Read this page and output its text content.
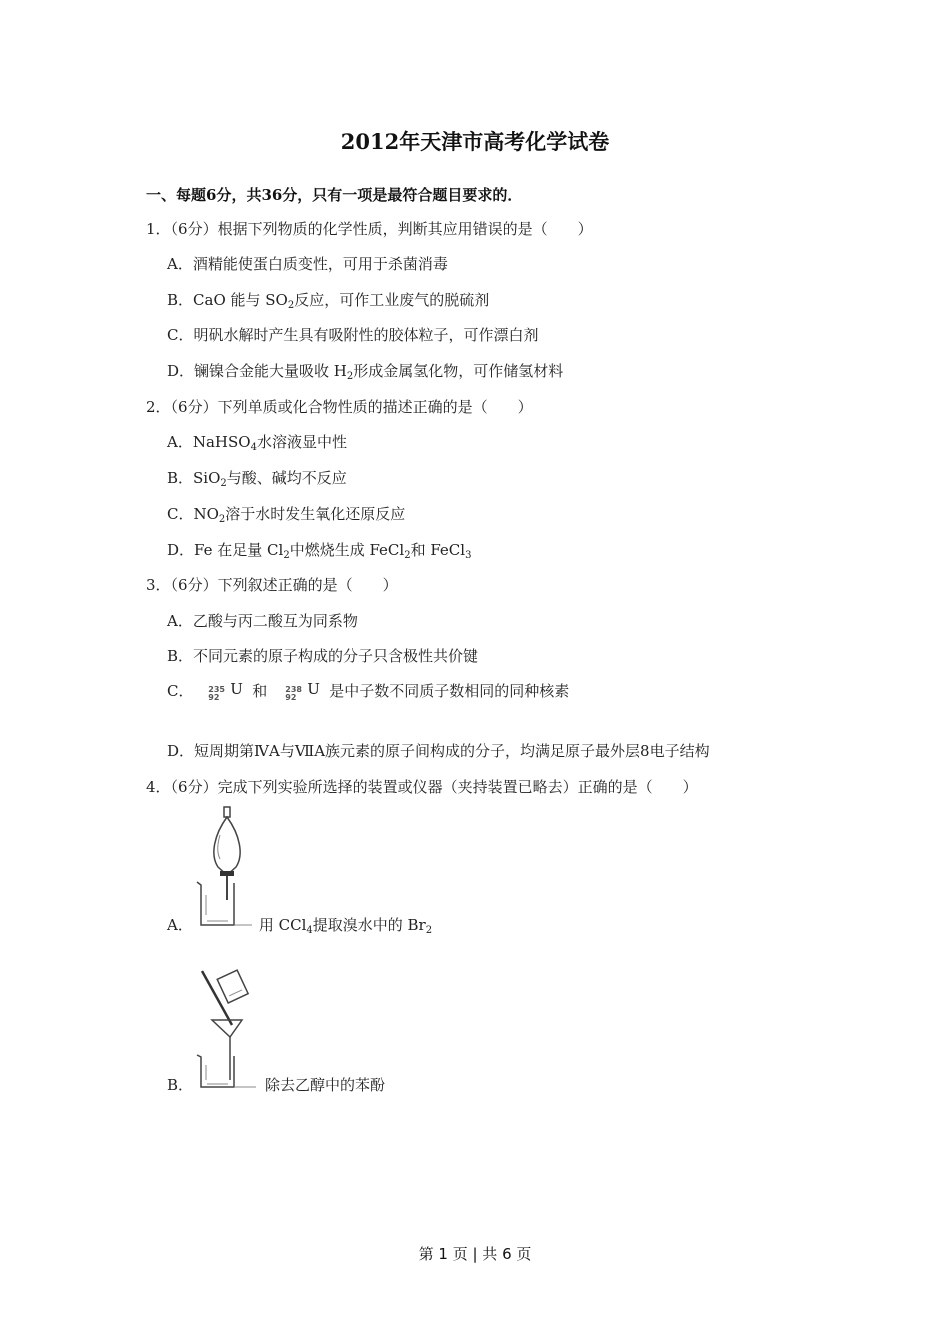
2012年天津市高考化学试卷
一、每题6分，共36分，只有一项是最符合题目要求的．
1．（6分）根据下列物质的化学性质，判断其应用错误的是（　　）
A．酒精能使蛋白质变性，可用于杀菌消毒
B．CaO 能与 $SO_2$反应，可作工业废气的脱硫剂
C．明矾水解时产生具有吸附性的胶体粒子，可作漂白剂
D．镧镍合金能大量吸收 $H_2$形成金属氢化物，可作储氢材料
2．（6分）下列单质或化合物性质的描述正确的是（　　）
A．NaHSO$_4$水溶液显中性
B．SiO$_2$与酸、碱均不反应
C．$NO_2$溶于水时发生氧化还原反应
D．Fe 在足量 $Cl_2$中燃烧生成 FeCl$_2$和 FeCl$_3$
3．（6分）下列叙述正确的是（　　）
A．乙酸与丙二酸互为同系物
B．不同元素的原子构成的分子只含极性共价键
C． 235
92 U 和 238
92 U 是中子数不同质子数相同的同种核素
D．短周期第ⅣA与ⅦA族元素的原子间构成的分子，均满足原子最外层8电子结构
4．（6分）完成下列实验所选择的装置或仪器（夹持装置已略去）正确的是（　　）
A．	用 CCl$_4$提取溴水中的 $Br_2$
B．	除去乙醇中的苯酚
第 1 页 | 共 6 页
